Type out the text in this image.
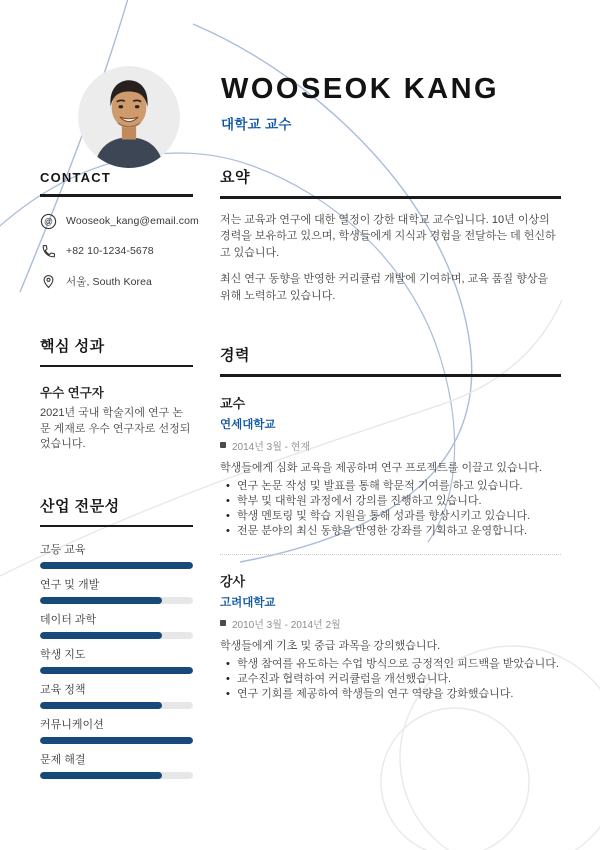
WOOSEOK KANG
대학교 교수
CONTACT
@ Wooseok_kang@email.com
+82 10-1234-5678
서울, South Korea
핵심 성과
우수 연구자
2021년 국내 학술지에 연구 논문 게재로 우수 연구자로 선정되었습니다.
산업 전문성
고등 교육
연구 및 개발
데이터 과학
학생 지도
교육 정책
커뮤니케이션
문제 해결
요약

저는 교육과 연구에 대한 열정이 강한 대학교 교수입니다. 10년 이상의 경력을 보유하고 있으며, 학생들에게 지식과 경험을 전달하는 데 헌신하고 있습니다.

최신 연구 동향을 반영한 커리큘럼 개발에 기여하며, 교육 품질 향상을 위해 노력하고 있습니다.

경력
교수
연세대학교
2014년 3월 - 현재
학생들에게 심화 교육을 제공하며 연구 프로젝트를 이끌고 있습니다.
• 연구 논문 작성 및 발표를 통해 학문적 기여를 하고 있습니다.
• 학부 및 대학원 과정에서 강의를 진행하고 있습니다.
• 학생 멘토링 및 학습 지원을 통해 성과를 향상시키고 있습니다.
• 전문 분야의 최신 동향을 반영한 강좌를 기획하고 운영합니다.
강사
고려대학교
2010년 3월 - 2014년 2월
학생들에게 기초 및 중급 과목을 강의했습니다.
• 학생 참여를 유도하는 수업 방식으로 긍정적인 피드백을 받았습니다.
• 교수진과 협력하여 커리큘럼을 개선했습니다.
• 연구 기회를 제공하여 학생들의 연구 역량을 강화했습니다.
